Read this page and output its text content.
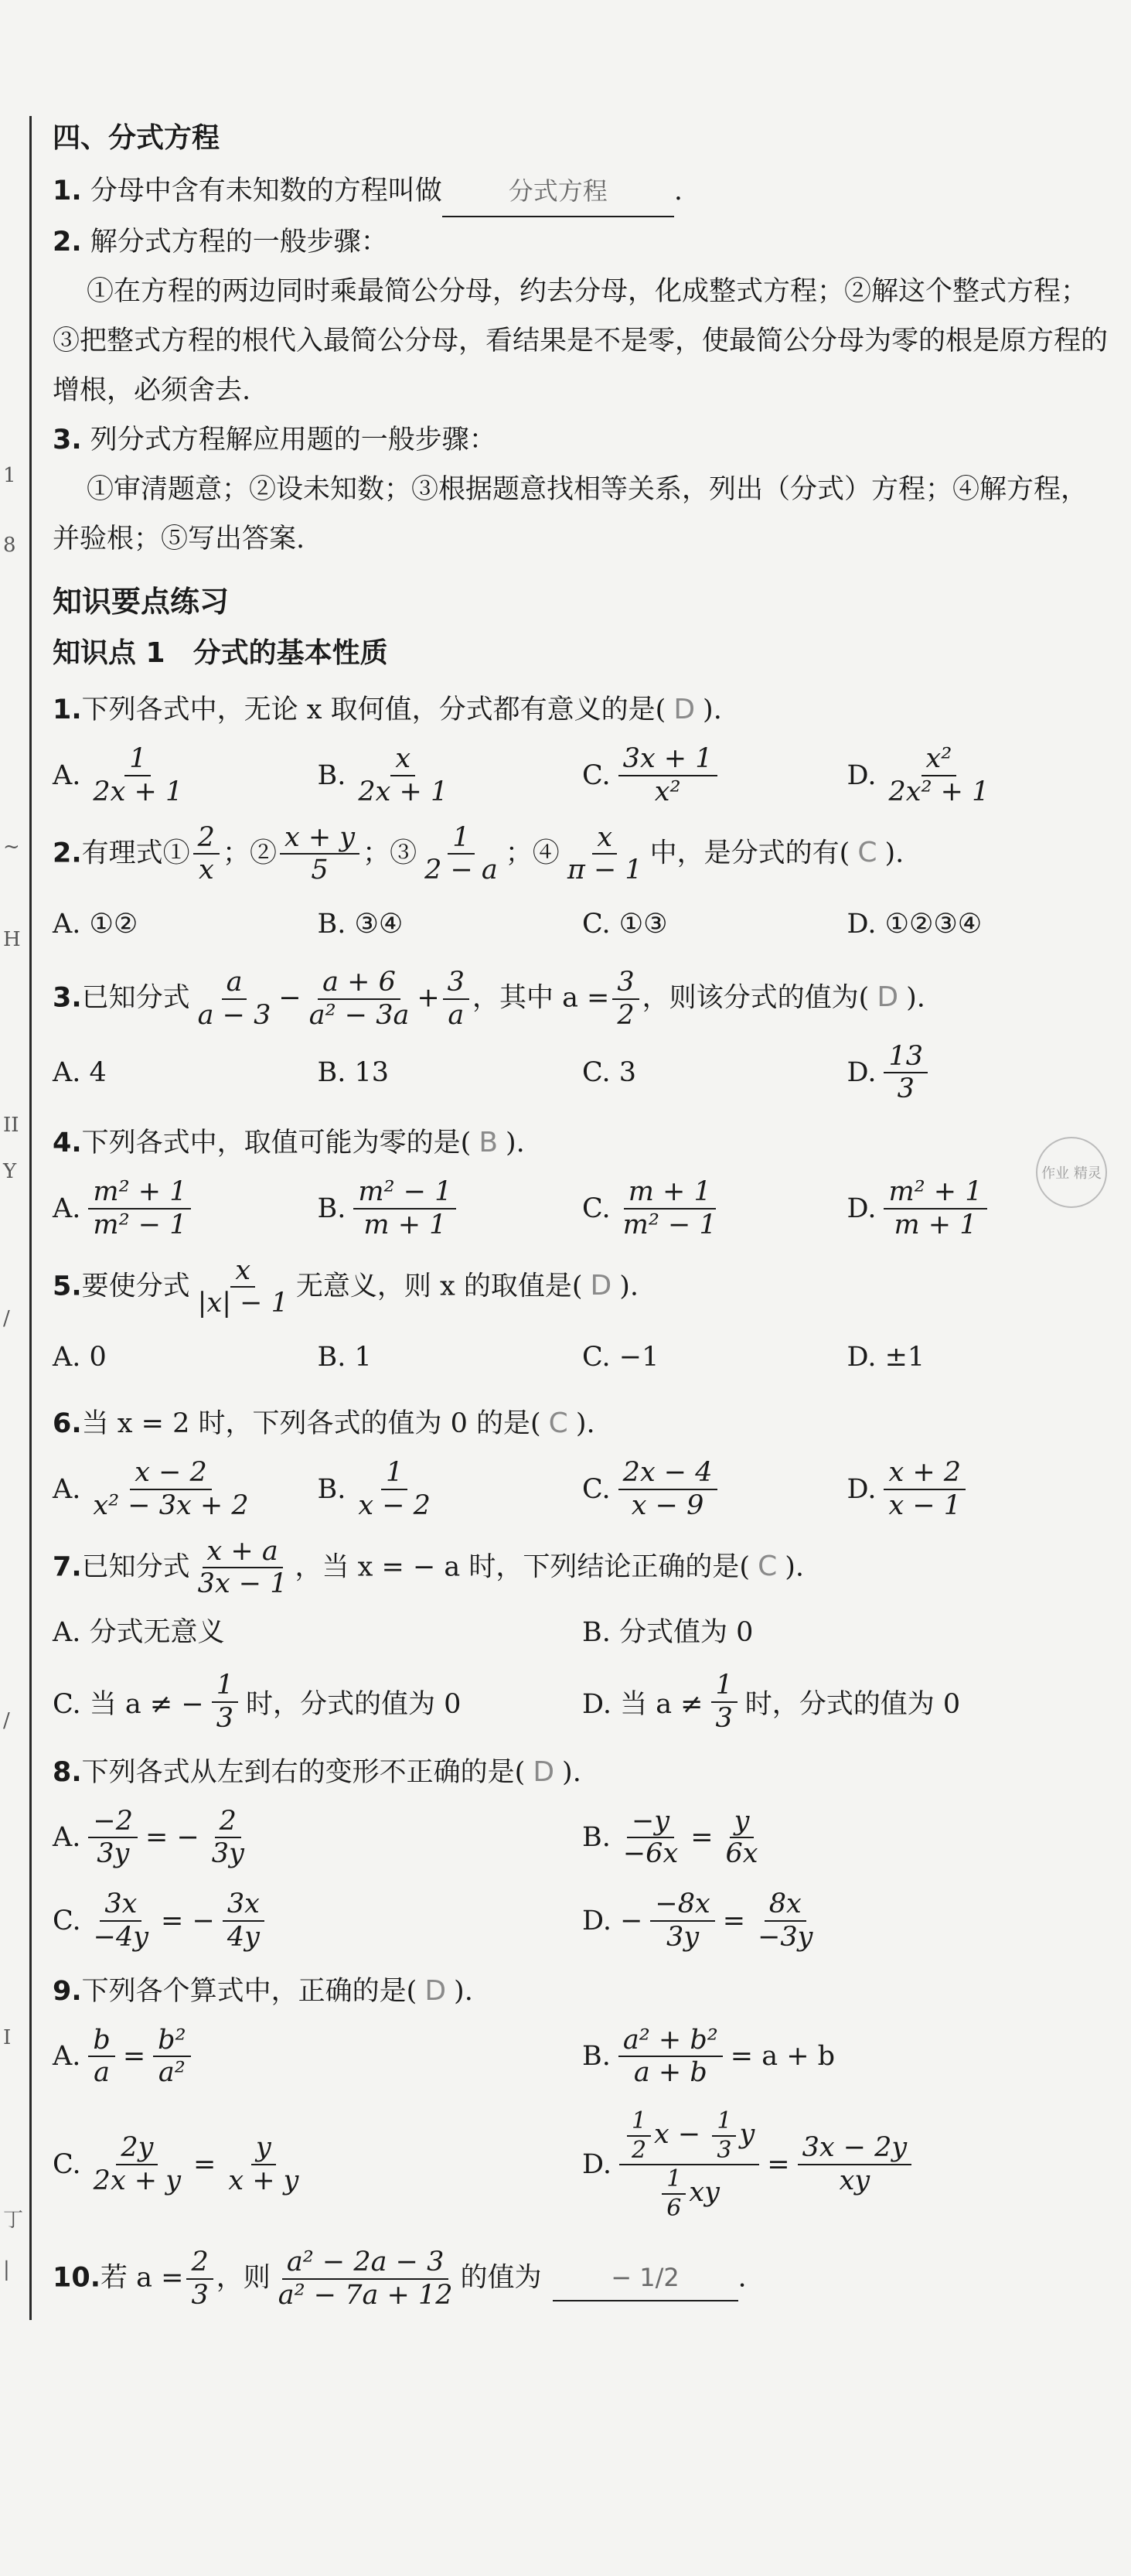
1
8
~
H
II
Y
/
/
I
丁
|
作业 精灵
四、分式方程

1. 分母中含有未知数的方程叫做	分式方程 .

2. 解分式方程的一般步骤：

①在方程的两边同时乘最简公分母，约去分母，化成整式方程；②解这个整式方程；③把整式方程的根代入最简公分母，看结果是不是零，使最简公分母为零的根是原方程的增根，必须舍去.

3. 列分式方程解应用题的一般步骤：

①审清题意；②设未知数；③根据题意找相等关系，列出（分式）方程；④解方程，并验根；⑤写出答案.

知识要点练习
知识点 1　分式的基本性质
1.下列各式中，无论 x 取何值，分式都有意义的是( D ).
A. $\frac{1}{2x + 1}$	B. $\frac{x}{2x + 1}$	C. $\frac{3x + 1}{\text{x²}}$	D. $\frac{\text{x²}}{\text{2x² + 1}}$
2.有理式① $\frac{2}{x}$ ；② $\frac{x + y}{5}$ ；③ $\frac{1}{2 - a}$ ；④ $\frac{x}{\pi - 1}$ 中，是分式的有( C ).
A. ①②	B. ③④	C. ①③	D. ①②③④
3.已知分式 $\frac{a}{a - 3} - \frac{a + 6}{\text{a² − 3a}} + \frac{3}{a}$ ，其中 $a = \frac{3}{2}$ ，则该分式的值为( D ).
A. 4	B. 13	C. 3	D. $\frac{13}{3}$
4.下列各式中，取值可能为零的是( B ).
A. $\frac{\text{m² + 1}}{\text{m² − 1}}$	B. $\frac{\text{m² − 1}}{m + 1}$	C. $\frac{m + 1}{\text{m² − 1}}$	D. $\frac{\text{m² + 1}}{m + 1}$
5.要使分式 $\frac{x}{|x| - 1}$ 无意义，则 x 的取值是( D ).
A. 0	B. 1	C. −1	D. ±1
6.当 x = 2 时，下列各式的值为 0 的是( C ).
A. $\frac{x - 2}{\text{x² − 3x + 2}} B$. $\frac{1}{x - 2}$	C. $\frac{2x - 4}{x - 9}$	D. $\frac{x + 2}{x - 1}$
7.已知分式 $\frac{x + a}{3x - 1}$ ，当 x = − a 时，下列结论正确的是( C ).
A. 分式无意义	B. 分式值为 0
C. 当 a ≠ − $\frac{1}{3}$ 时，分式的值为 0	D. 当 $a \ne \frac{1}{3}$ 时，分式的值为 0
8.下列各式从左到右的变形不正确的是( D ).
A. $\frac{-2}{3y}$ = − $\frac{2}{3y}$	B. $\frac{-y}{-6x} = \frac{y}{6x}$
C. $\frac{3x}{-4y}$ = − $\frac{3x}{4y}$	D. − $\frac{-8x}{3y} = \frac{8x}{-3y}$
9.下列各个算式中，正确的是( D ).
A. $\frac{b}{a} = \frac{\text{b²}}{\text{a²}}$	B. $\frac{\text{a² + b²}}{a + b} = a + b$
C. $\frac{2y}{2x + y} = \frac{y}{x + y}$	D. $\frac{\frac{1}{2} x - \frac{1}{3} y}{\frac{1}{6} xy} = \frac{3x - 2y}{xy}$
10.若 $a = \frac{2}{3}$ ，则 $\frac{\text{a² − 2a − 3}}{\text{a² − 7a + 12}}$ 的值为	− 1/2 .
